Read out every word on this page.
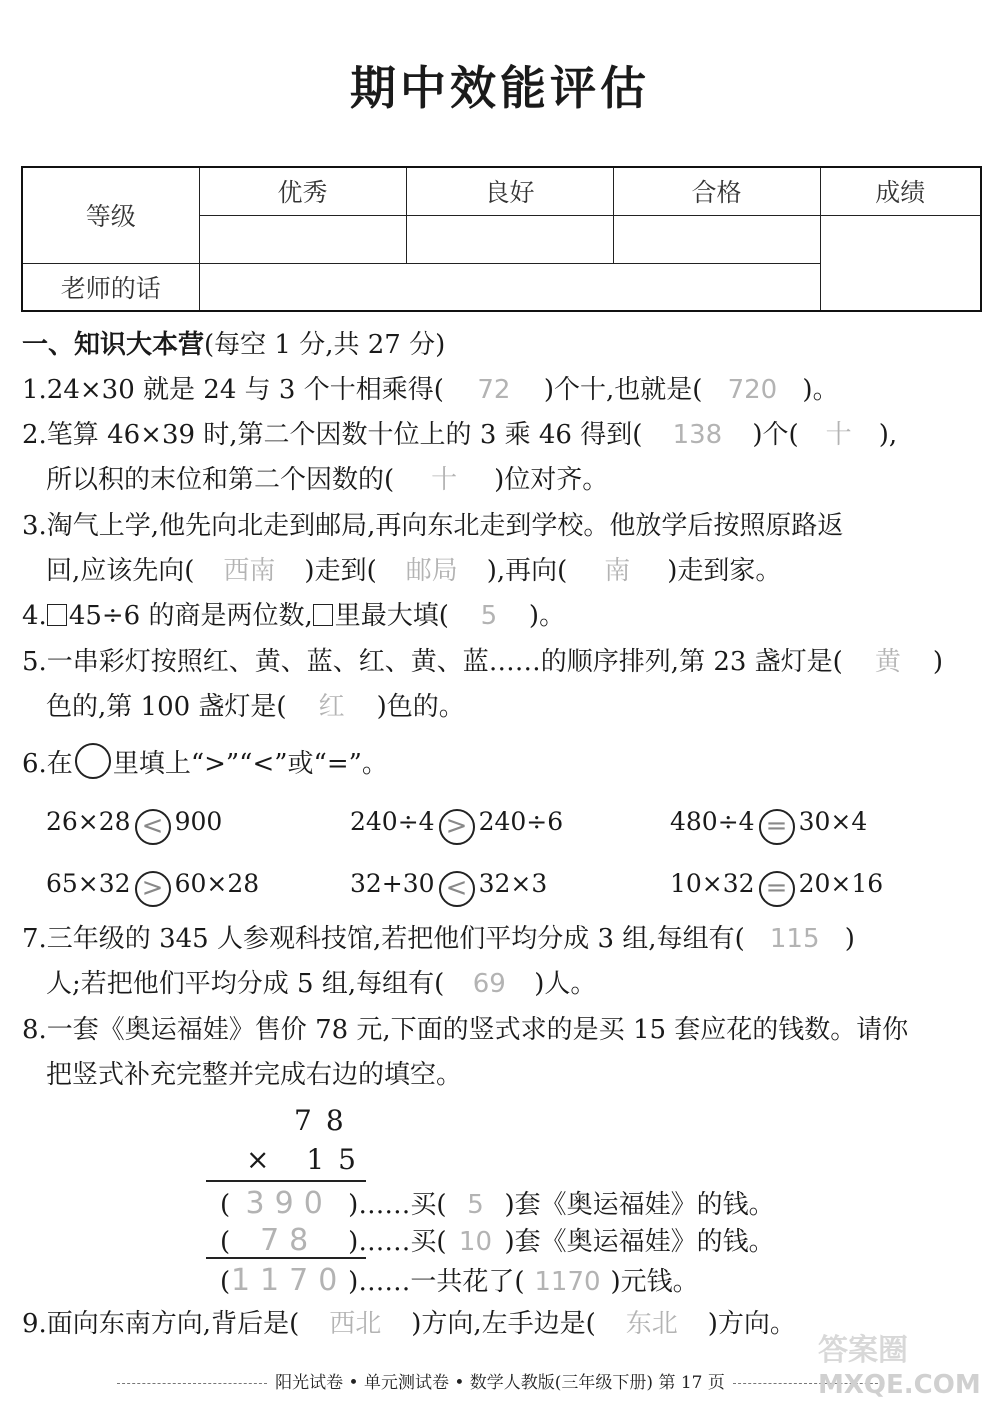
期中效能评估
等级	优秀	良好	合格	成绩

老师的话				
一、知识大本营(每空 1 分,共 27 分)
1.24×30 就是 24 与 3 个十相乘得( 72 )个十,也就是( 720 )。
2.笔算 46×39 时,第二个因数十位上的 3 乘 46 得到( 138 )个( 十 ),
所以积的末位和第二个因数的( 十 )位对齐。
3.淘气上学,他先向北走到邮局,再向东北走到学校。他放学后按照原路返
回,应该先向( 西南 )走到( 邮局 ),再向( 南 )走到家。
4. 45÷6 的商是两位数, 里最大填( 5 )。
5.一串彩灯按照红、黄、蓝、红、黄、蓝……的顺序排列,第 23 盏灯是( 黄 )
色的,第 100 盏灯是( 红 )色的。
6.在 里填上“>”“<”或“=”。
26×28 < 900	240÷4 > 240÷6	480÷4 = 30×4
65×32 > 60×28	32+30 < 32×3	10×32 = 20×16
7.三年级的 345 人参观科技馆,若把他们平均分成 3 组,每组有( 115 )
人;若把他们平均分成 5 组,每组有( 69 )人。
8.一套《奥运福娃》售价 78 元,下面的竖式求的是买 15 套应花的钱数。请你
把竖式补充完整并完成右边的填空。
78
× 15
( 390 )……买( 5 )套《奥运福娃》的钱。
( 78 )……买( 10 )套《奥运福娃》的钱。
(1170)……一共花了( 1170 )元钱。
9.面向东南方向,背后是( 西北 )方向,左手边是( 东北 )方向。
阳光试卷 • 单元测试卷 • 数学人教版(三年级下册) 第 17 页
答案圈
MXQE.COM
